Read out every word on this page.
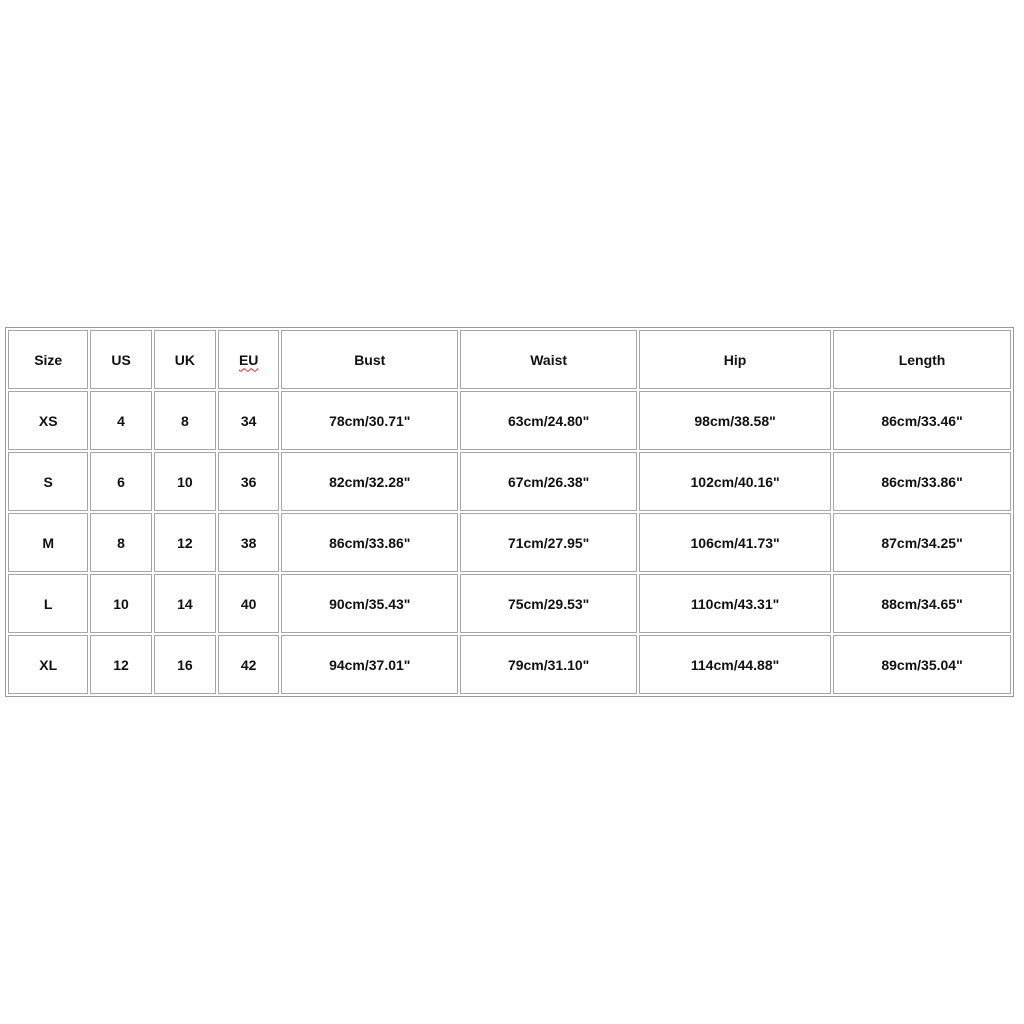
Size	US	UK	EU	Bust	Waist	Hip	Length
XS	4	8	34	78cm/30.71"	63cm/24.80"	98cm/38.58"	86cm/33.46"
S	6	10	36	82cm/32.28"	67cm/26.38"	102cm/40.16"	86cm/33.86"
M	8	12	38	86cm/33.86"	71cm/27.95"	106cm/41.73"	87cm/34.25"
L	10	14	40	90cm/35.43"	75cm/29.53"	110cm/43.31"	88cm/34.65"
XL	12	16	42	94cm/37.01"	79cm/31.10"	114cm/44.88"	89cm/35.04"
